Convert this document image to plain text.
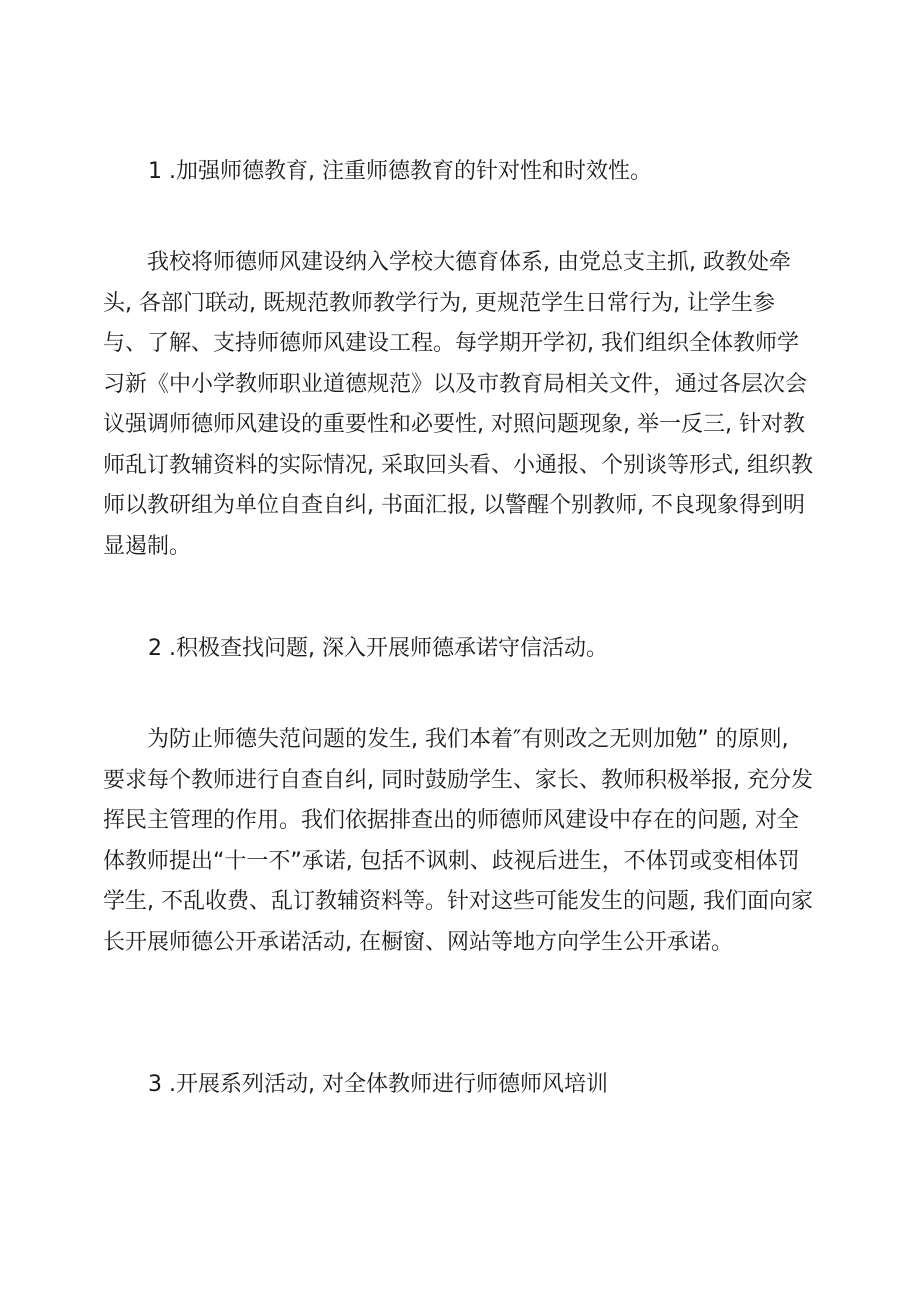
1 .加强师德教育, 注重师德教育的针对性和时效性。

我校将师德师风建设纳入学校大德育体系, 由党总支主抓, 政教处牵头, 各部门联动, 既规范教师教学行为, 更规范学生日常行为, 让学生参与、了解、支持师德师风建设工程。每学期开学初, 我们组织全体教师学习新《中小学教师职业道德规范》以及市教育局相关文件，通过各层次会议强调师德师风建设的重要性和必要性, 对照问题现象, 举一反三, 针对教师乱订教辅资料的实际情况, 采取回头看、小通报、个别谈等形式, 组织教师以教研组为单位自查自纠, 书面汇报, 以警醒个别教师, 不良现象得到明显遏制。

2 .积极查找问题, 深入开展师德承诺守信活动。

为防止师德失范问题的发生, 我们本着″有则改之无则加勉” 的原则, 要求每个教师进行自查自纠, 同时鼓励学生、家长、教师积极举报, 充分发挥民主管理的作用。我们依据排查出的师德师风建设中存在的问题, 对全体教师提出“十一不”承诺, 包括不讽刺、歧视后进生，不体罚或变相体罚学生, 不乱收费、乱订教辅资料等。针对这些可能发生的问题, 我们面向家长开展师德公开承诺活动, 在橱窗、网站等地方向学生公开承诺。

3 .开展系列活动, 对全体教师进行师德师风培训
